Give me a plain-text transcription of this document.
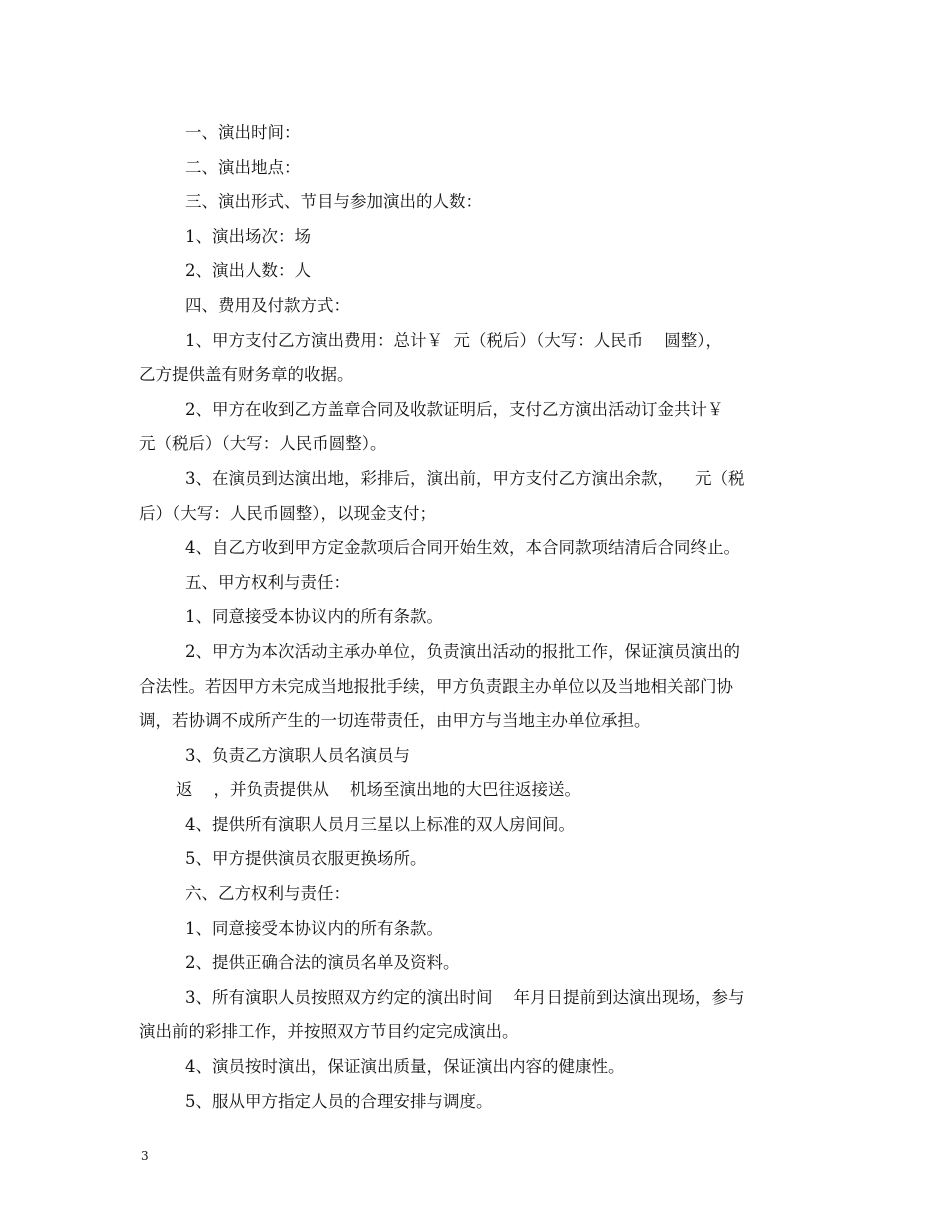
一、演出时间：

二、演出地点：

三、演出形式、节目与参加演出的人数：

1、演出场次：场

2、演出人数：人

四、费用及付款方式：

1、甲方支付乙方演出费用：总计￥  元（税后）（大写：人民币    圆整），

乙方提供盖有财务章的收据。

2、甲方在收到乙方盖章合同及收款证明后，支付乙方演出活动订金共计￥

元（税后）（大写：人民币圆整）。

3、在演员到达演出地，彩排后，演出前，甲方支付乙方演出余款，    元（税

后）（大写：人民币圆整），以现金支付；

4、自乙方收到甲方定金款项后合同开始生效，本合同款项结清后合同终止。

五、甲方权利与责任：

1、同意接受本协议内的所有条款。

2、甲方为本次活动主承办单位，负责演出活动的报批工作，保证演员演出的

合法性。若因甲方未完成当地报批手续，甲方负责跟主办单位以及当地相关部门协

调，若协调不成所产生的一切连带责任，由甲方与当地主办单位承担。

3、负责乙方演职人员名演员与

返    ，并负责提供从    机场至演出地的大巴往返接送。

4、提供所有演职人员月三星以上标准的双人房间间。

5、甲方提供演员衣服更换场所。

六、乙方权利与责任：

1、同意接受本协议内的所有条款。

2、提供正确合法的演员名单及资料。

3、所有演职人员按照双方约定的演出时间    年月日提前到达演出现场，参与

演出前的彩排工作，并按照双方节目约定完成演出。

4、演员按时演出，保证演出质量，保证演出内容的健康性。

5、服从甲方指定人员的合理安排与调度。

3
